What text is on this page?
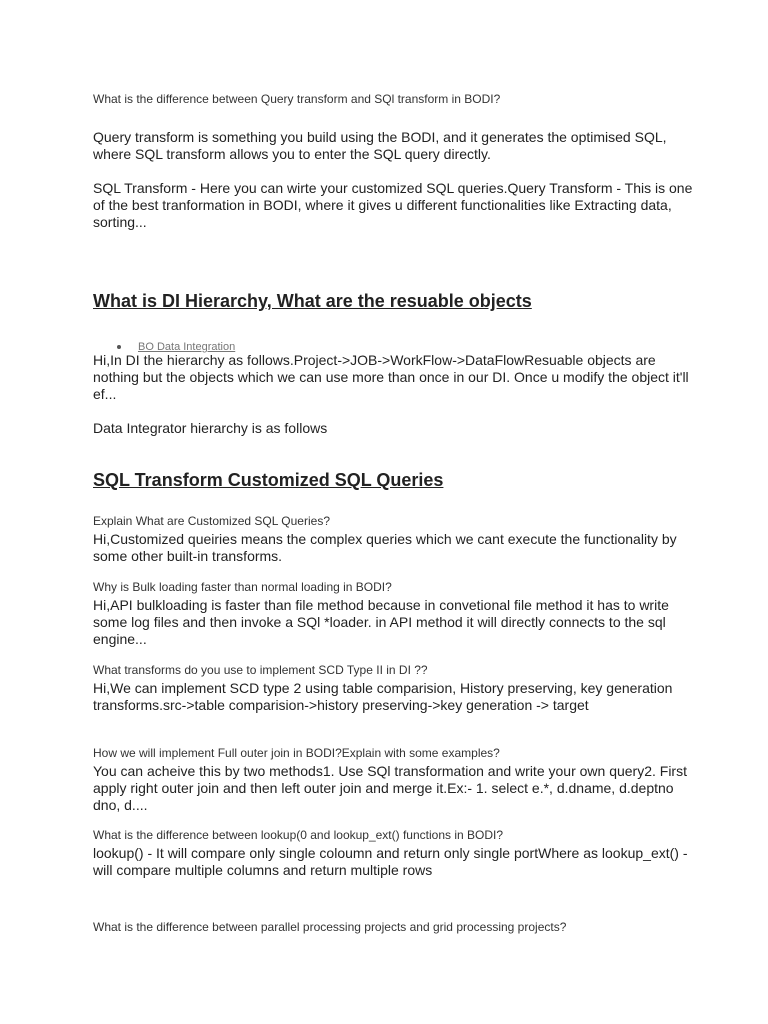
What is the difference between Query transform and SQl transform in BODI?
Query transform is something you build using the BODI, and it generates the optimised SQL, where SQL transform allows you to enter the SQL query directly.
SQL Transform - Here you can wirte your customized SQL queries.Query Transform - This is one of the best tranformation in BODI, where it gives u different functionalities like Extracting data, sorting...
What is DI Hierarchy, What are the resuable objects
BO Data Integration
Hi,In DI the hierarchy as follows.Project->JOB->WorkFlow->DataFlowResuable objects are nothing but the objects which we can use more than once in our DI. Once u modify the object it'll ef...
Data Integrator hierarchy is as follows
SQL Transform Customized SQL Queries
Explain What are Customized SQL Queries?
Hi,Customized queiries means the complex queries which we cant execute the functionality by some other built-in transforms.
Why is Bulk loading faster than normal loading in BODI?
Hi,API bulkloading is faster than file method because in convetional file method it has to write some log files and then invoke a SQl *loader. in API method it will directly connects to the sql engine...
What transforms do you use to implement SCD Type II in DI ??
Hi,We can implement SCD type 2 using table comparision, History preserving, key generation transforms.src->table comparision->history preserving->key generation -> target
How we will implement Full outer join in BODI?Explain with some examples?
You can acheive this by two methods1. Use SQl transformation and write your own query2. First apply right outer join and then left outer join and merge it.Ex:- 1. select e.*, d.dname, d.deptno dno, d....
What is the difference between lookup(0 and lookup_ext() functions in BODI?
lookup() - It will compare only single coloumn and return only single portWhere as lookup_ext() - will compare multiple columns and return multiple rows
What is the difference between parallel processing projects and grid processing projects?
